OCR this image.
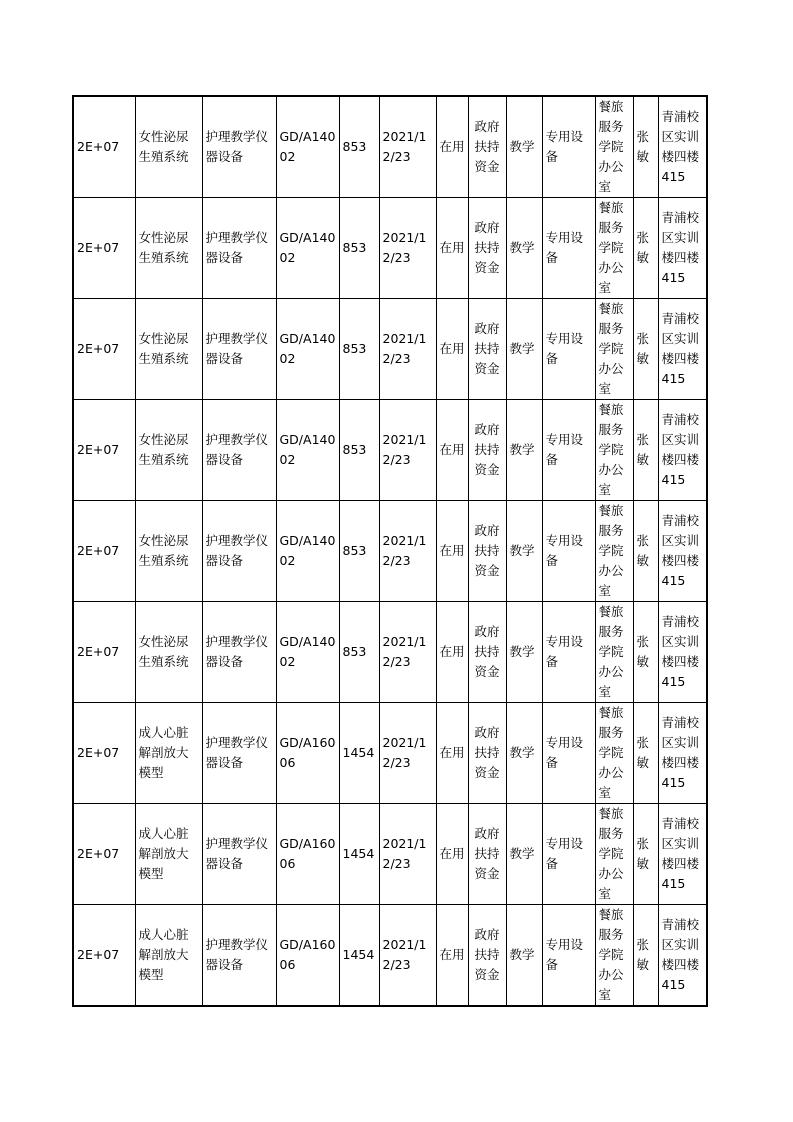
2E+07	女性泌尿生殖系统	护理教学仪器设备	GD/A14002	853	2021/12/23	在用	政府扶持资金	教学	专用设备	餐旅服务学院办公室	张敏	青浦校区实训楼四楼415

2E+07	女性泌尿生殖系统	护理教学仪器设备	GD/A14002	853	2021/12/23	在用	政府扶持资金	教学	专用设备	餐旅服务学院办公室	张敏	青浦校区实训楼四楼415

2E+07	女性泌尿生殖系统	护理教学仪器设备	GD/A14002	853	2021/12/23	在用	政府扶持资金	教学	专用设备	餐旅服务学院办公室	张敏	青浦校区实训楼四楼415

2E+07	女性泌尿生殖系统	护理教学仪器设备	GD/A14002	853	2021/12/23	在用	政府扶持资金	教学	专用设备	餐旅服务学院办公室	张敏	青浦校区实训楼四楼415

2E+07	女性泌尿生殖系统	护理教学仪器设备	GD/A14002	853	2021/12/23	在用	政府扶持资金	教学	专用设备	餐旅服务学院办公室	张敏	青浦校区实训楼四楼415

2E+07	女性泌尿生殖系统	护理教学仪器设备	GD/A14002	853	2021/12/23	在用	政府扶持资金	教学	专用设备	餐旅服务学院办公室	张敏	青浦校区实训楼四楼415

2E+07	成人心脏解剖放大模型	护理教学仪器设备	GD/A16006	1454	2021/12/23	在用	政府扶持资金	教学	专用设备	餐旅服务学院办公室	张敏	青浦校区实训楼四楼415

2E+07	成人心脏解剖放大模型	护理教学仪器设备	GD/A16006	1454	2021/12/23	在用	政府扶持资金	教学	专用设备	餐旅服务学院办公室	张敏	青浦校区实训楼四楼415

2E+07	成人心脏解剖放大模型	护理教学仪器设备	GD/A16006	1454	2021/12/23	在用	政府扶持资金	教学	专用设备	餐旅服务学院办公室	张敏	青浦校区实训楼四楼415
